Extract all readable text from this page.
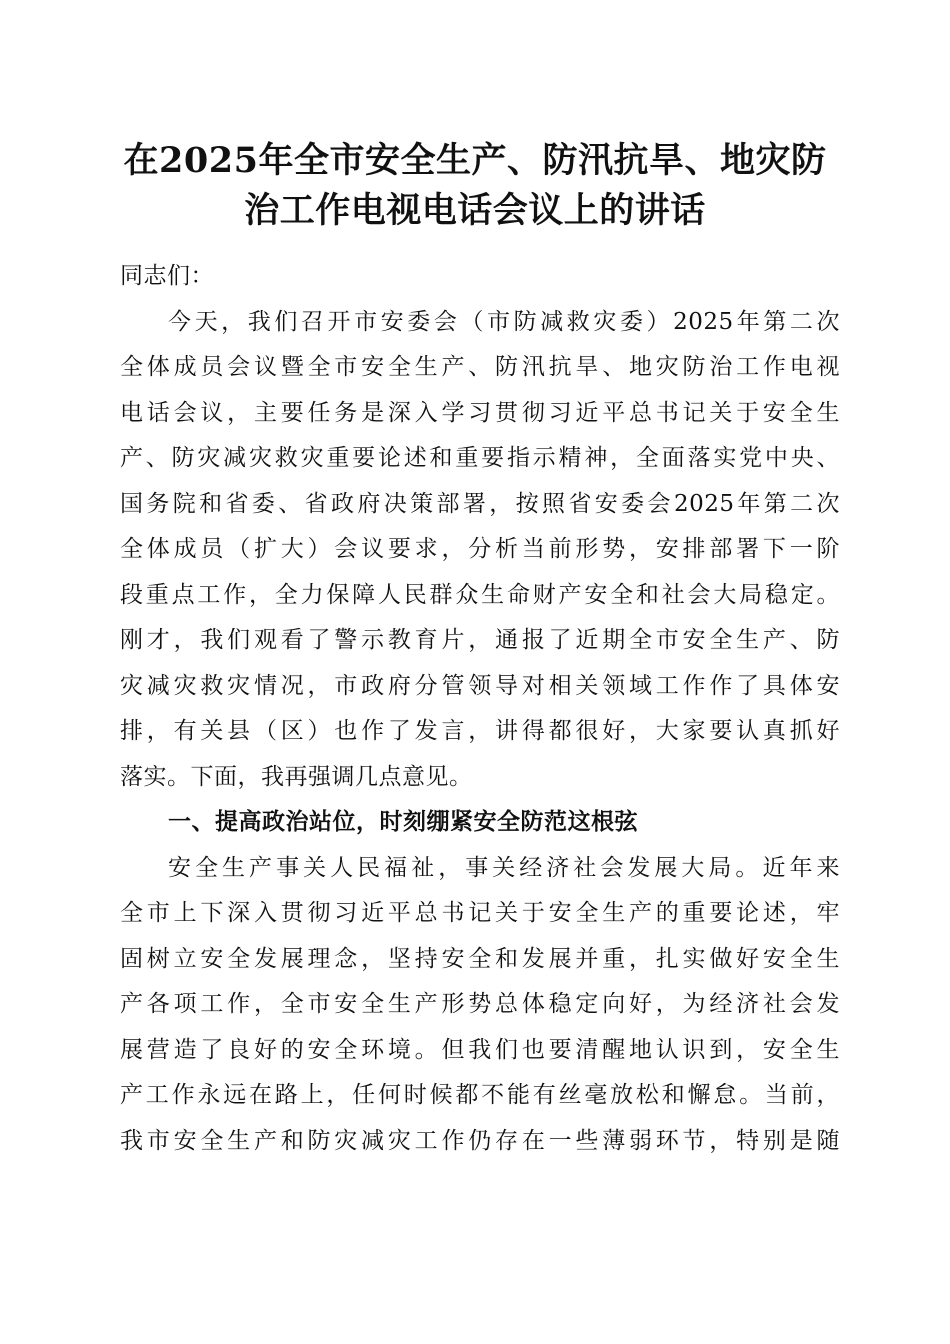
在2025年全市安全生产、防汛抗旱、地灾防
治工作电视电话会议上的讲话
同志们：
今天，我们召开市安委会（市防减救灾委）2025年第二次
全体成员会议暨全市安全生产、防汛抗旱、地灾防治工作电视
电话会议，主要任务是深入学习贯彻习近平总书记关于安全生
产、防灾减灾救灾重要论述和重要指示精神，全面落实党中央、
国务院和省委、省政府决策部署，按照省安委会2025年第二次
全体成员（扩大）会议要求，分析当前形势，安排部署下一阶
段重点工作，全力保障人民群众生命财产安全和社会大局稳定。
刚才，我们观看了警示教育片，通报了近期全市安全生产、防
灾减灾救灾情况，市政府分管领导对相关领域工作作了具体安
排，有关县（区）也作了发言，讲得都很好，大家要认真抓好
落实。下面，我再强调几点意见。
一、提高政治站位，时刻绷紧安全防范这根弦
安全生产事关人民福祉，事关经济社会发展大局。近年来
全市上下深入贯彻习近平总书记关于安全生产的重要论述，牢
固树立安全发展理念，坚持安全和发展并重，扎实做好安全生
产各项工作，全市安全生产形势总体稳定向好，为经济社会发
展营造了良好的安全环境。但我们也要清醒地认识到，安全生
产工作永远在路上，任何时候都不能有丝毫放松和懈怠。当前，
我市安全生产和防灾减灾工作仍存在一些薄弱环节，特别是随
